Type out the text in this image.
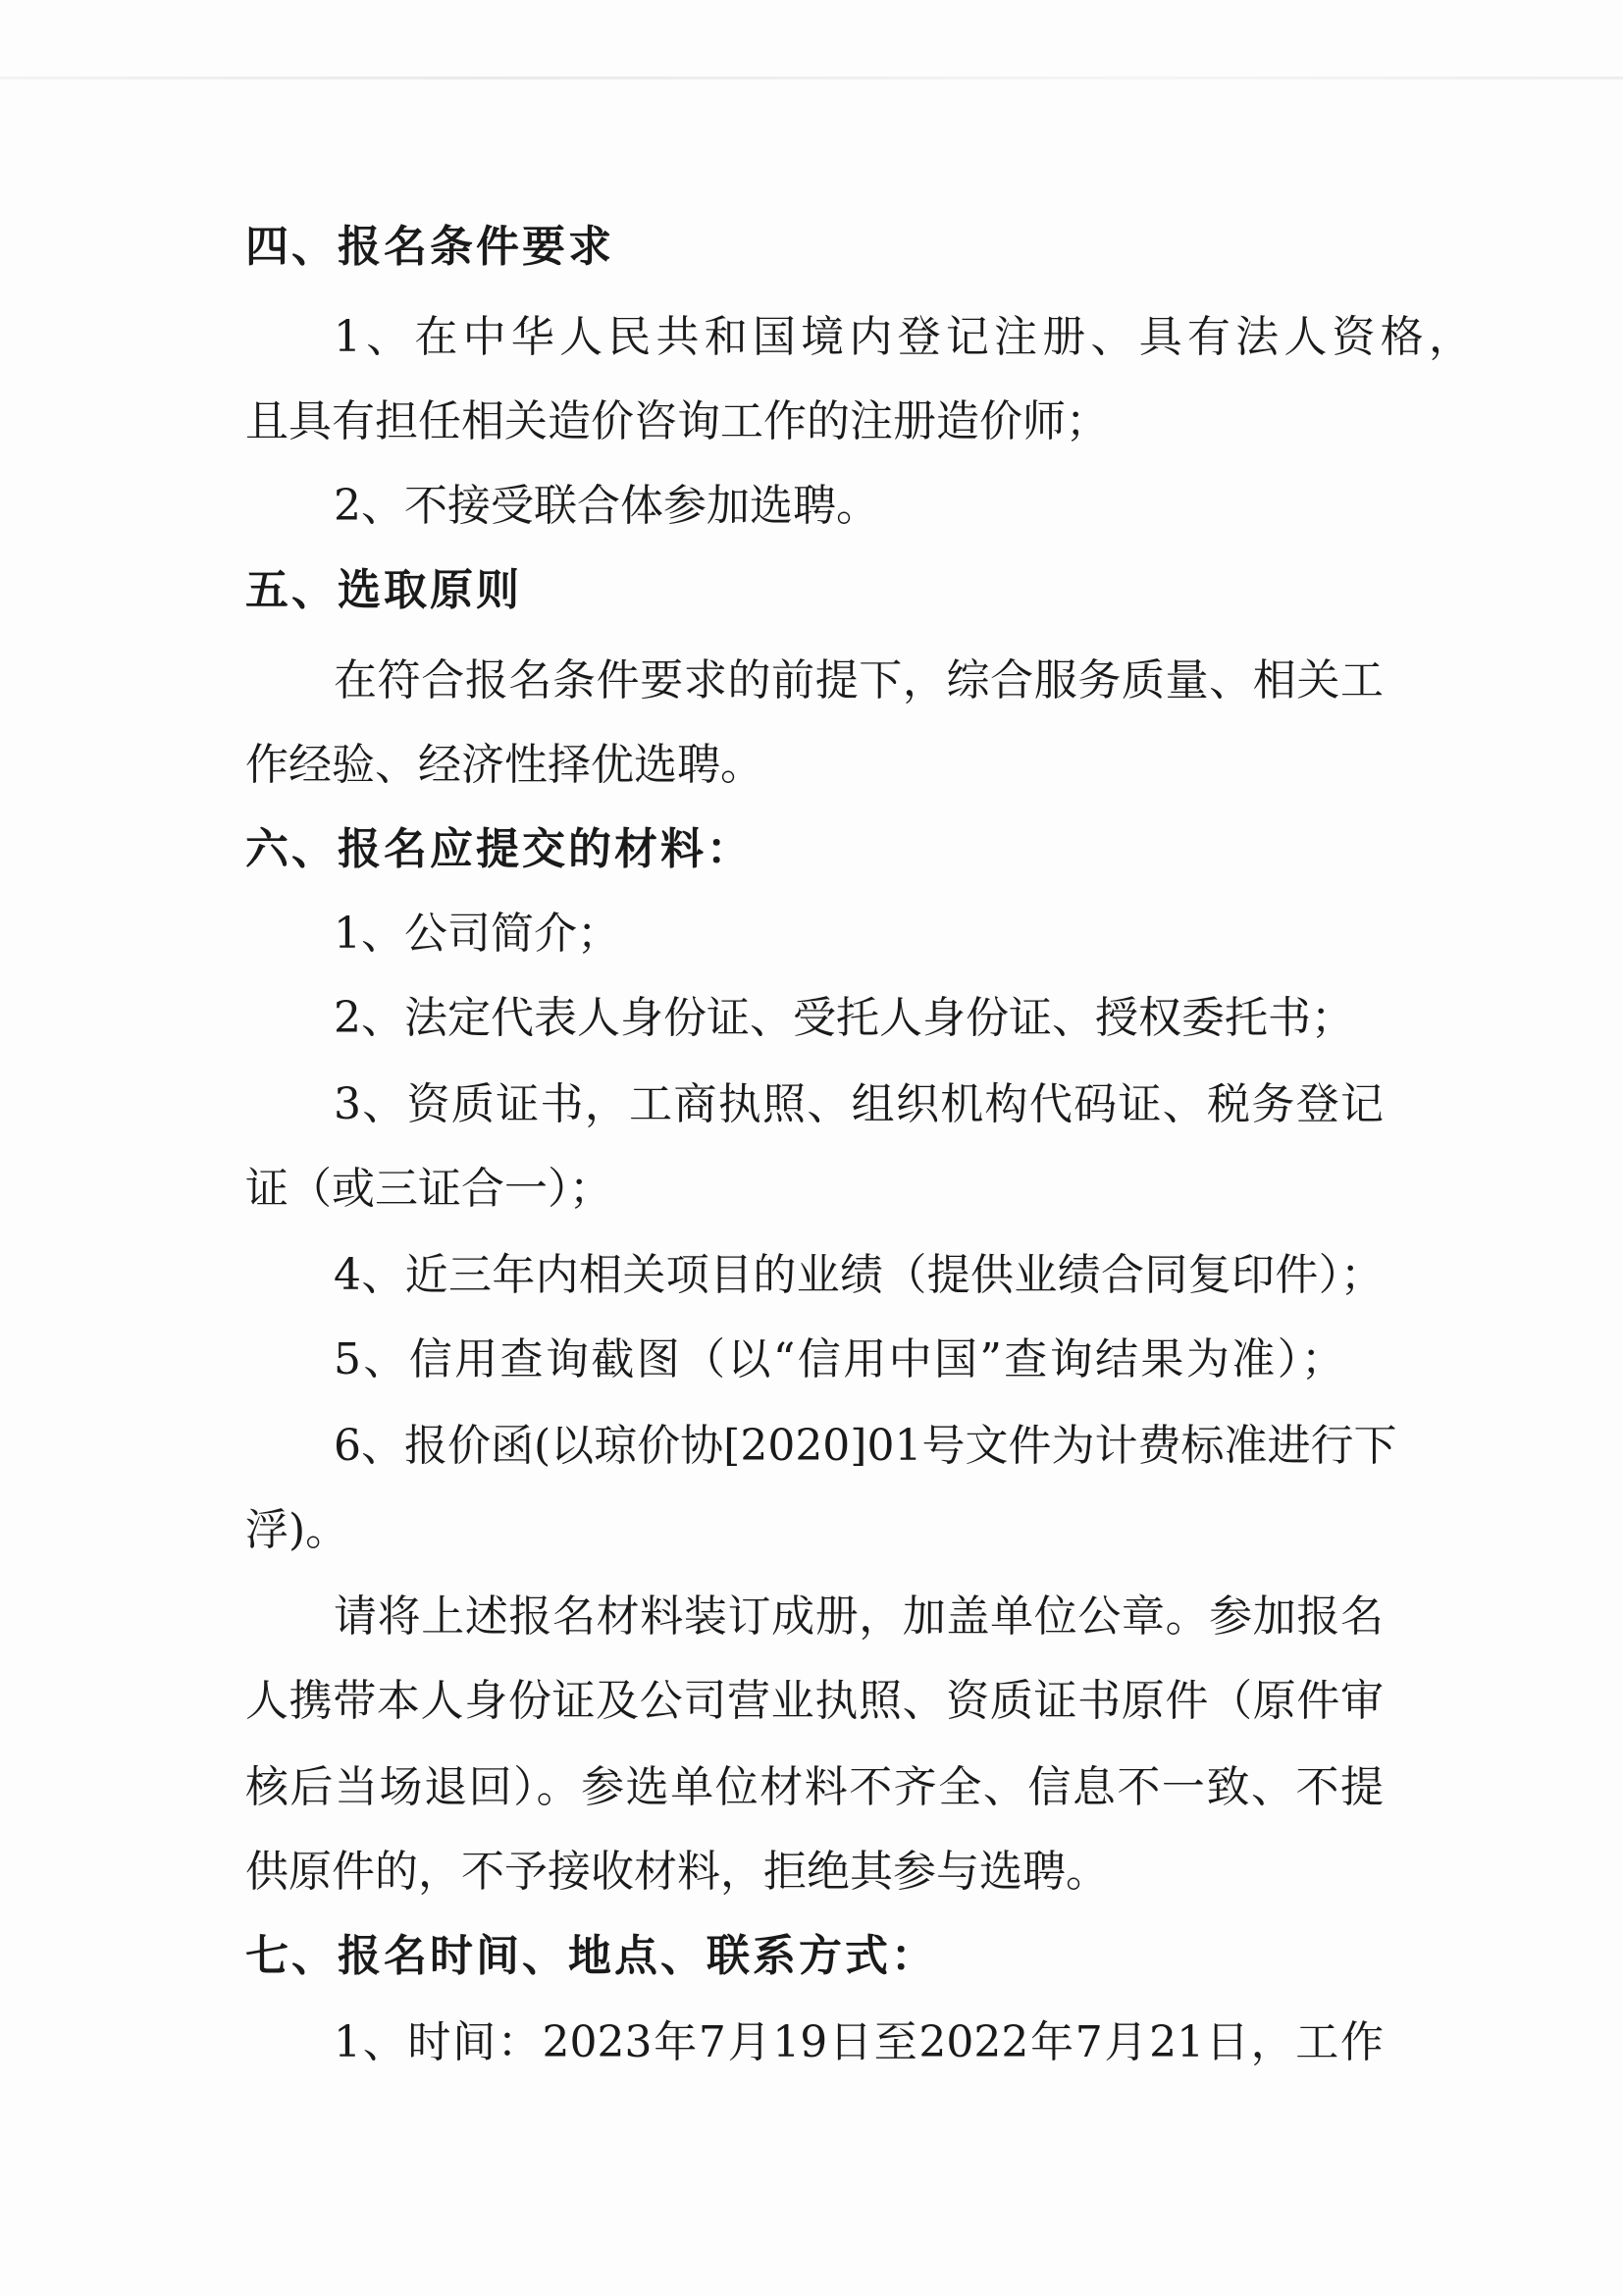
四、报名条件要求
1、在中华人民共和国境内登记注册、具有法人资格，
且具有担任相关造价咨询工作的注册造价师；
2、不接受联合体参加选聘。
五、选取原则
在符合报名条件要求的前提下，综合服务质量、相关工
作经验、经济性择优选聘。
六、报名应提交的材料：
1、公司简介；
2、法定代表人身份证、受托人身份证、授权委托书；
3、资质证书，工商执照、组织机构代码证、税务登记
证（或三证合一）；
4、近三年内相关项目的业绩（提供业绩合同复印件）；
5、信用查询截图（以“信用中国”查询结果为准）；
6、报价函(以琼价协[2020]01号文件为计费标准进行下
浮)。
请将上述报名材料装订成册，加盖单位公章。参加报名
人携带本人身份证及公司营业执照、资质证书原件（原件审
核后当场退回）。参选单位材料不齐全、信息不一致、不提
供原件的，不予接收材料，拒绝其参与选聘。
七、报名时间、地点、联系方式：
1、时间：2023年7月19日至2022年7月21日，工作
